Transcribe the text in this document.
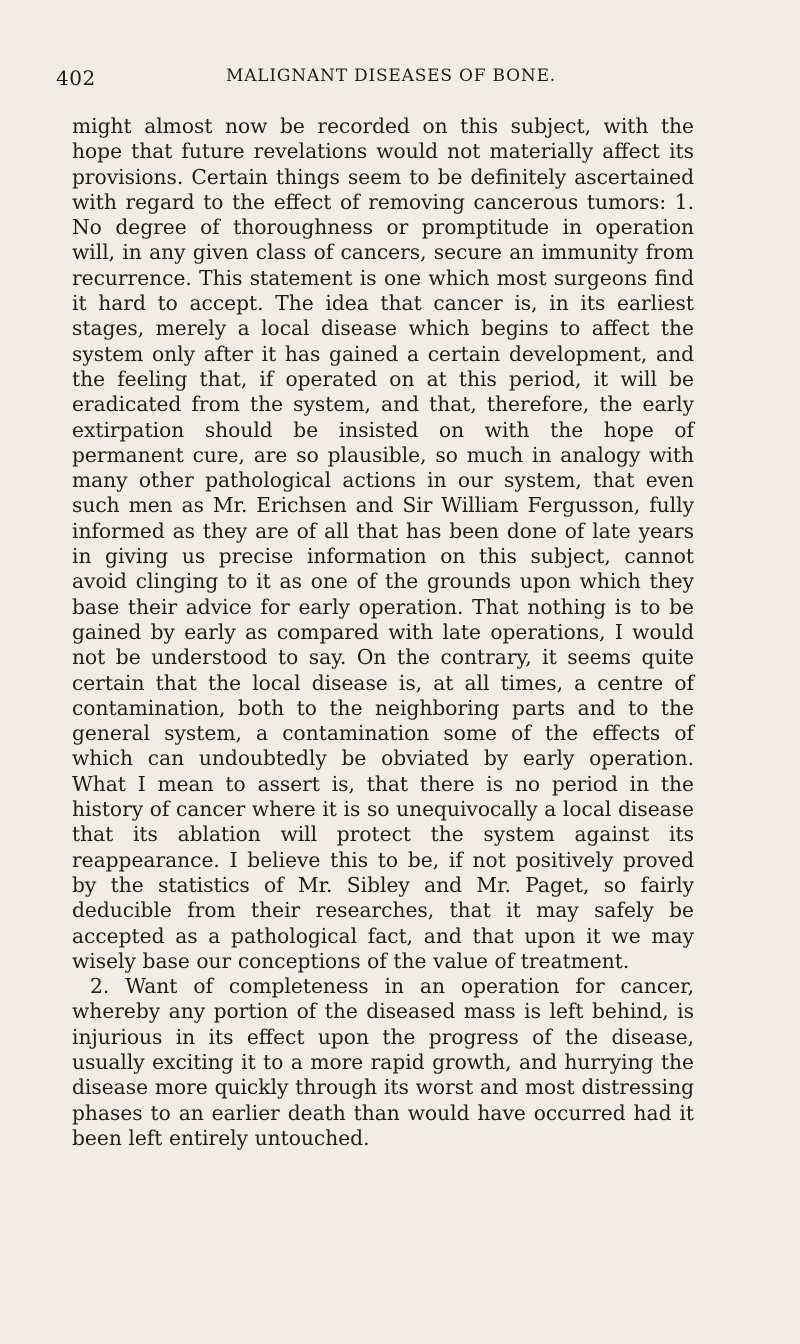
402	MALIGNANT DISEASES OF BONE.

might almost now be recorded on this subject, with the hope that future revelations would not materially affect its provisions. Certain things seem to be definitely ascertained with regard to the effect of removing cancerous tumors: 1. No degree of thoroughness or promptitude in operation will, in any given class of cancers, secure an immunity from recurrence. This statement is one which most surgeons find it hard to accept. The idea that cancer is, in its earliest stages, merely a local disease which begins to affect the system only after it has gained a certain development, and the feeling that, if operated on at this period, it will be eradicated from the system, and that, therefore, the early extirpation should be insisted on with the hope of permanent cure, are so plausible, so much in analogy with many other pathological actions in our system, that even such men as Mr. Erichsen and Sir William Fergusson, fully informed as they are of all that has been done of late years in giving us precise information on this subject, cannot avoid clinging to it as one of the grounds upon which they base their advice for early operation. That nothing is to be gained by early as compared with late operations, I would not be understood to say. On the contrary, it seems quite certain that the local disease is, at all times, a centre of contamination, both to the neighboring parts and to the general system, a contamination some of the effects of which can undoubtedly be obviated by early operation. What I mean to assert is, that there is no period in the history of cancer where it is so unequivocally a local disease that its ablation will protect the system against its reappearance. I believe this to be, if not positively proved by the statistics of Mr. Sibley and Mr. Paget, so fairly deducible from their researches, that it may safely be accepted as a pathological fact, and that upon it we may wisely base our conceptions of the value of treatment.

2. Want of completeness in an operation for cancer, whereby any portion of the diseased mass is left behind, is injurious in its effect upon the progress of the disease, usually exciting it to a more rapid growth, and hurrying the disease more quickly through its worst and most distressing phases to an earlier death than would have occurred had it been left entirely untouched.
